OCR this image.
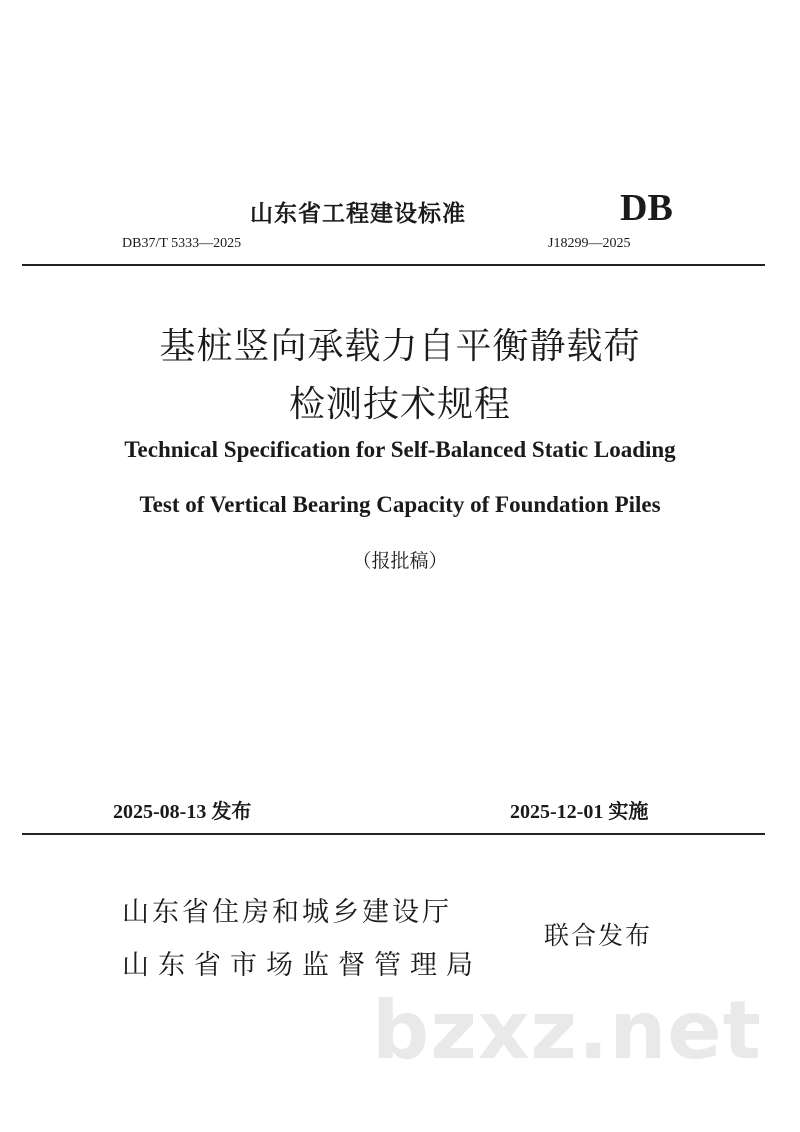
山东省工程建设标准	DB
DB37/T 5333—2025	J18299—2025
基桩竖向承载力自平衡静载荷
检测技术规程
Technical Specification for Self-Balanced Static Loading
Test of Vertical Bearing Capacity of Foundation Piles
（报批稿）
2025-08-13 发布	2025-12-01 实施
山东省住房和城乡建设厅
山东省市场监督管理局
联合发布
bzxz.net
